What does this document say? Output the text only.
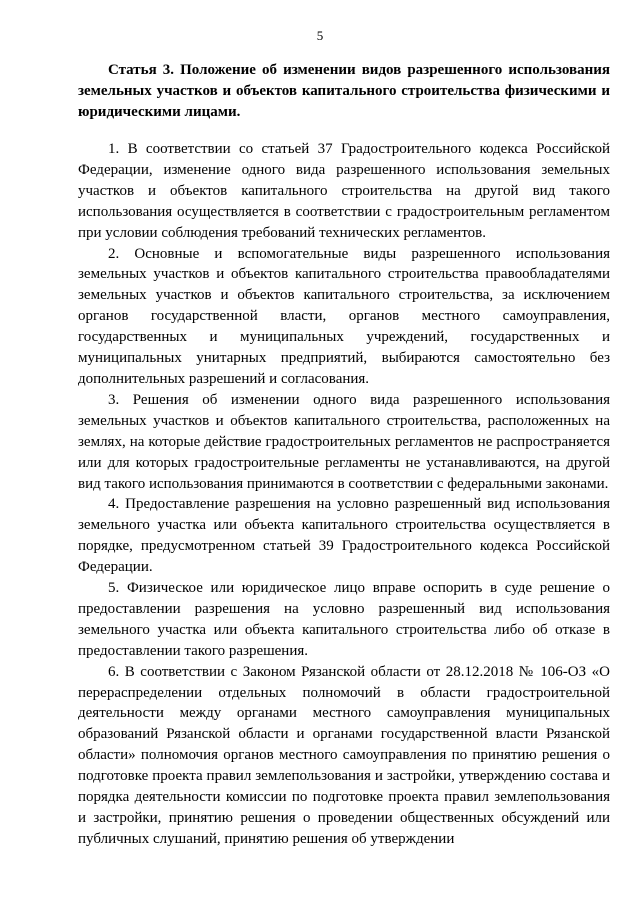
5
Статья 3. Положение об изменении видов разрешенного использования земельных участков и объектов капитального строительства физическими и юридическими лицами.

1. В соответствии со статьей 37 Градостроительного кодекса Российской Федерации, изменение одного вида разрешенного использования земельных участков и объектов капитального строительства на другой вид такого использования осуществляется в соответствии с градостроительным регламентом при условии соблюдения требований технических регламентов.

2. Основные и вспомогательные виды разрешенного использования земельных участков и объектов капитального строительства правообладателями земельных участков и объектов капитального строительства, за исключением органов государственной власти, органов местного самоуправления, государственных и муниципальных учреждений, государственных и муниципальных унитарных предприятий, выбираются самостоятельно без дополнительных разрешений и согласования.

3. Решения об изменении одного вида разрешенного использования земельных участков и объектов капитального строительства, расположенных на землях, на которые действие градостроительных регламентов не распространяется или для которых градостроительные регламенты не устанавливаются, на другой вид такого использования принимаются в соответствии с федеральными законами.

4. Предоставление разрешения на условно разрешенный вид использования земельного участка или объекта капитального строительства осуществляется в порядке, предусмотренном статьей 39 Градостроительного кодекса Российской Федерации.

5. Физическое или юридическое лицо вправе оспорить в суде решение о предоставлении разрешения на условно разрешенный вид использования земельного участка или объекта капитального строительства либо об отказе в предоставлении такого разрешения.

6. В соответствии с Законом Рязанской области от 28.12.2018 № 106-ОЗ «О перераспределении отдельных полномочий в области градостроительной деятельности между органами местного самоуправления муниципальных образований Рязанской области и органами государственной власти Рязанской области» полномочия органов местного самоуправления по принятию решения о подготовке проекта правил землепользования и застройки, утверждению состава и порядка деятельности комиссии по подготовке проекта правил землепользования и застройки, принятию решения о проведении общественных обсуждений или публичных слушаний, принятию решения об утверждении
